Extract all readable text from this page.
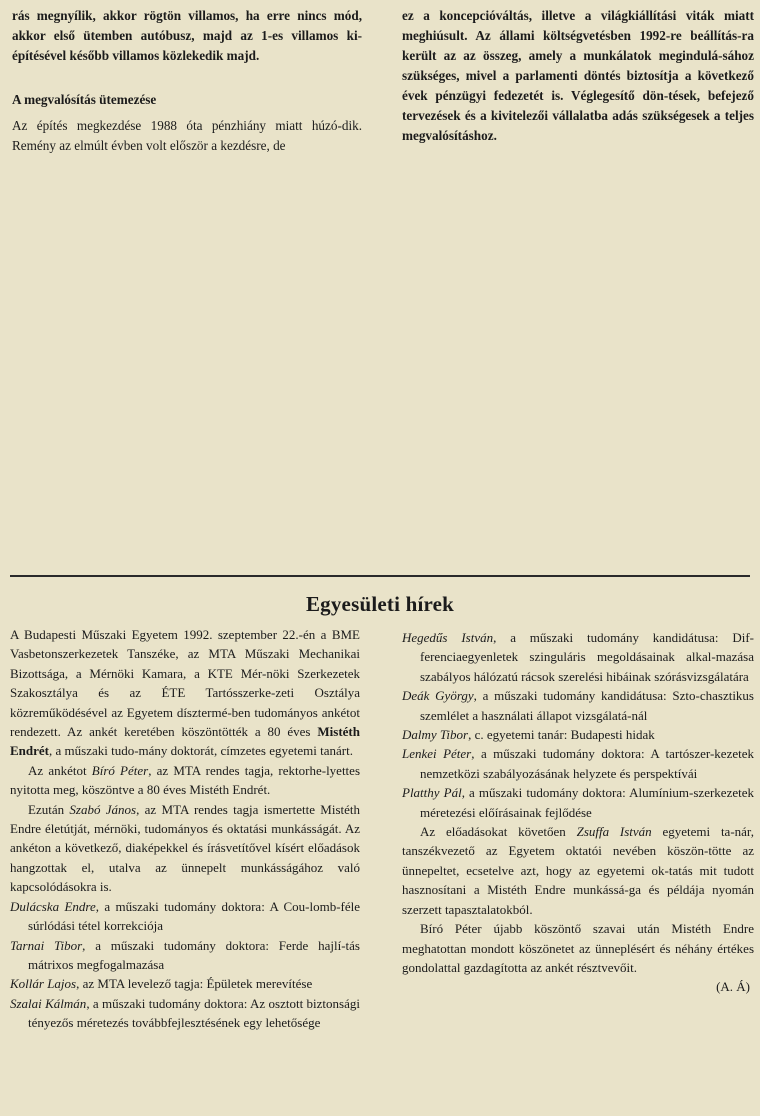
rás megnyílik, akkor rögtön villamos, ha erre nincs mód, akkor első ütemben autóbusz, majd az 1-es villamos ki-építésével később villamos közlekedik majd.

A megvalósítás ütemezése

Az építés megkezdése 1988 óta pénzhiány miatt húzó-dik. Remény az elmúlt évben volt először a kezdésre, de

ez a koncepcióváltás, illetve a világkiállítási viták miatt meghiúsult. Az állami költségvetésben 1992-re beállítás-ra került az az összeg, amely a munkálatok megindulá-sához szükséges, mivel a parlamenti döntés biztosítja a következő évek pénzügyi fedezetét is. Véglegesítő dön-tések, befejező tervezések és a kivitelezői vállalatba adás szükségesek a teljes megvalósításhoz.

Egyesületi hírek

A Budapesti Műszaki Egyetem 1992. szeptember 22.-én a BME Vasbetonszerkezetek Tanszéke, az MTA Műszaki Mechanikai Bizottsága, a Mérnöki Kamara, a KTE Mér-nöki Szerkezetek Szakosztálya és az ÉTE Tartósszerke-zeti Osztálya közreműködésével az Egyetem dísztermé-ben tudományos ankétot rendezett. Az ankét keretében köszöntötték a 80 éves Mistéth Endrét, a műszaki tudo-mány doktorát, címzetes egyetemi tanárt.

Az ankétot Bíró Péter, az MTA rendes tagja, rektorhe-lyettes nyitotta meg, köszöntve a 80 éves Mistéth Endrét.

Ezután Szabó János, az MTA rendes tagja ismertette Mistéth Endre életútját, mérnöki, tudományos és oktatási munkásságát. Az ankéton a következő, diaképekkel és írásvetítővel kísért előadások hangzottak el, utalva az ünnepelt munkásságához való kapcsolódásokra is.

Dulácska Endre, a műszaki tudomány doktora: A Cou-lomb-féle súrlódási tétel korrekciója

Tarnai Tibor, a műszaki tudomány doktora: Ferde hajlí-tás mátrixos megfogalmazása

Kollár Lajos, az MTA levelező tagja: Épületek merevítése

Szalai Kálmán, a műszaki tudomány doktora: Az osztott biztonsági tényezős méretezés továbbfejlesztésének egy lehetősége

Hegedűs István, a műszaki tudomány kandidátusa: Dif-ferenciaegyenletek szinguláris megoldásainak alkal-mazása szabályos hálózatú rácsok szerelési hibáinak szórásvizsgálatára

Deák György, a műszaki tudomány kandidátusa: Szto-chasztikus szemlélet a használati állapot vizsgálatá-nál

Dalmy Tibor, c. egyetemi tanár: Budapesti hidak

Lenkei Péter, a műszaki tudomány doktora: A tartószer-kezetek nemzetközi szabályozásának helyzete és perspektívái

Platthy Pál, a műszaki tudomány doktora: Alumínium-szerkezetek méretezési előírásainak fejlődése

Az előadásokat követően Zsuffa István egyetemi ta-nár, tanszékvezető az Egyetem oktatói nevében köszön-tötte az ünnepeltet, ecsetelve azt, hogy az egyetemi ok-tatás mit tudott hasznosítani a Mistéth Endre munkássá-ga és példája nyomán szerzett tapasztalatokból.

Bíró Péter újabb köszöntő szavai után Mistéth Endre meghatottan mondott köszönetet az ünneplésért és néhány értékes gondolattal gazdagította az ankét résztvevőit.

(A. Á)
